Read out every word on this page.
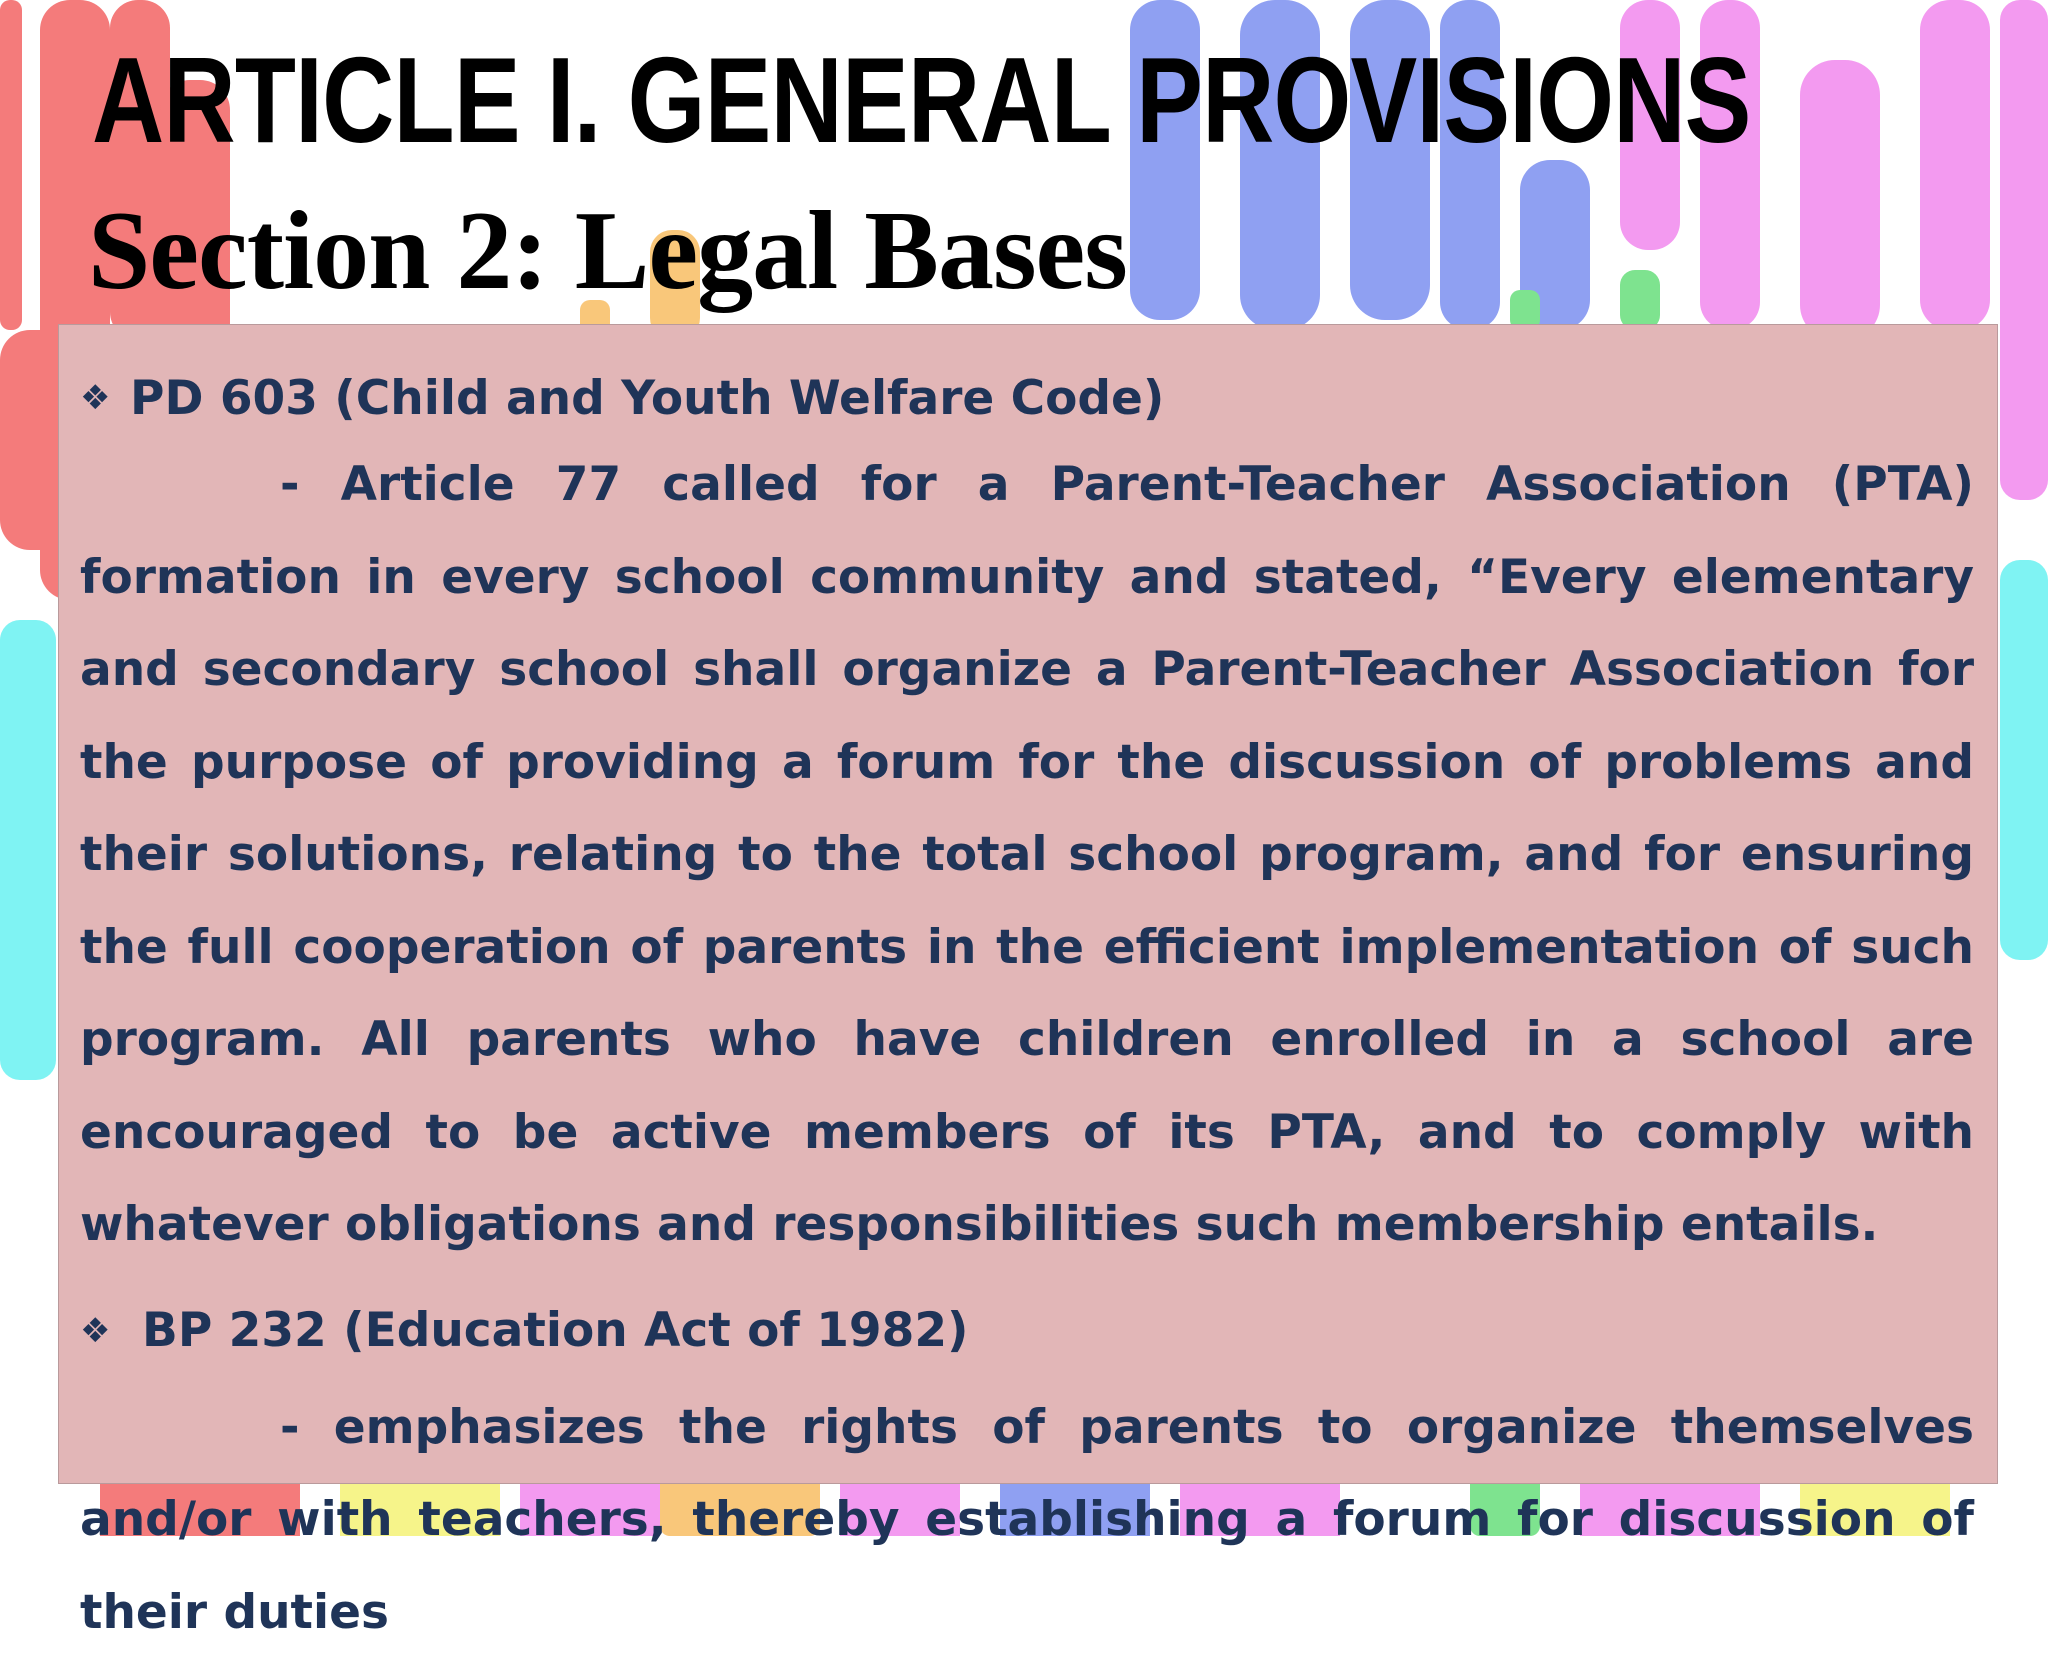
ARTICLE I. GENERAL PROVISIONS
Section 2: Legal Bases
❖ PD 603 (Child and Youth Welfare Code)

- Article 77 called for a Parent-Teacher Association (PTA) formation in every school community and stated, “Every elementary and secondary school shall organize a Parent-Teacher Association for the purpose of providing a forum for the discussion of problems and their solutions, relating to the total school program, and for ensuring the full cooperation of parents in the efficient implementation of such program. All parents who have children enrolled in a school are encouraged to be active members of its PTA, and to comply with whatever obligations and responsibilities such membership entails.

❖ BP 232 (Education Act of 1982)

- emphasizes the rights of parents to organize themselves and/or with teachers, thereby establishing a forum for discussion of their duties
